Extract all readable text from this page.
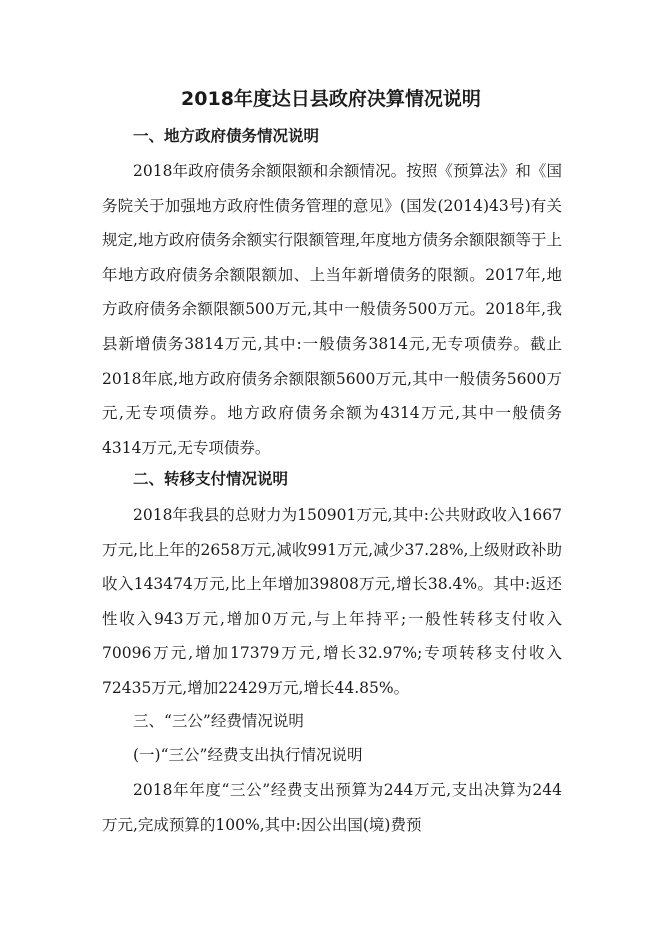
2018年度达日县政府决算情况说明

一、地方政府债务情况说明

2018年政府债务余额限额和余额情况。按照《预算法》和《国务院关于加强地方政府性债务管理的意见》(国发(2014)43号)有关规定,地方政府债务余额实行限额管理,年度地方债务余额限额等于上年地方政府债务余额限额加、上当年新增债务的限额。2017年,地方政府债务余额限额500万元,其中一般债务500万元。2018年,我县新增债务3814万元,其中:一般债务3814元,无专项债券。截止2018年底,地方政府债务余额限额5600万元,其中一般债务5600万元,无专项债券。地方政府债务余额为4314万元,其中一般债务4314万元,无专项债券。

二、转移支付情况说明

2018年我县的总财力为150901万元,其中:公共财政收入1667万元,比上年的2658万元,减收991万元,减少37.28%,上级财政补助收入143474万元,比上年增加39808万元,增长38.4%。其中:返还性收入943万元,增加0万元,与上年持平;一般性转移支付收入70096万元,增加17379万元,增长32.97%;专项转移支付收入72435万元,增加22429万元,增长44.85%。

三、“三公”经费情况说明

(一)“三公”经费支出执行情况说明

2018年年度“三公”经费支出预算为244万元,支出决算为244万元,完成预算的100%,其中:因公出国(境)费预
